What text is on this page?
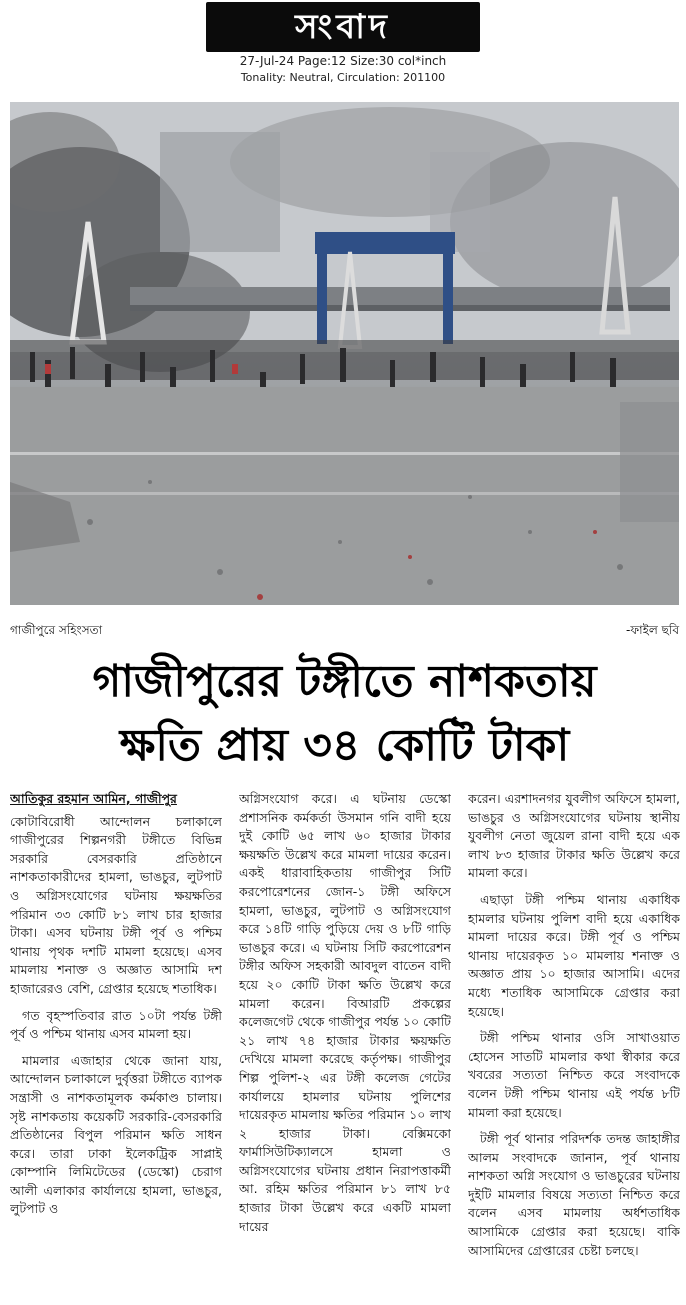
সংবাদ
27-Jul-24 Page:12 Size:30 col*inch
Tonality: Neutral, Circulation: 201100
গাজীপুরে সহিংসতা	-ফাইল ছবি
গাজীপুরের টঙ্গীতে নাশকতায়
ক্ষতি প্রায় ৩৪ কোটি টাকা
আতিকুর রহমান আমিন, গাজীপুর

কোটাবিরোধী আন্দোলন চলাকালে গাজীপুরের শিল্পনগরী টঙ্গীতে বিভিন্ন সরকারি বেসরকারি প্রতিষ্ঠানে নাশকতাকারীদের হামলা, ভাঙচুর, লুটপাট ও অগ্নিসংযোগের ঘটনায় ক্ষয়ক্ষতির পরিমান ৩৩ কোটি ৮১ লাখ চার হাজার টাকা। এসব ঘটনায় টঙ্গী পূর্ব ও পশ্চিম থানায় পৃথক দশটি মামলা হয়েছে। এসব মামলায় শনাক্ত ও অজ্ঞাত আসামি দশ হাজারেরও বেশি, গ্রেপ্তার হয়েছে শতাধিক।

গত বৃহস্পতিবার রাত ১০টা পর্যন্ত টঙ্গী পূর্ব ও পশ্চিম থানায় এসব মামলা হয়।

মামলার এজাহার থেকে জানা যায়, আন্দোলন চলাকালে দুর্বৃত্তরা টঙ্গীতে ব্যাপক সন্ত্রাসী ও নাশকতামূলক কর্মকাণ্ড চালায়। সৃষ্ট নাশকতায় কয়েকটি সরকারি-বেসরকারি প্রতিষ্ঠানের বিপুল পরিমান ক্ষতি সাধন করে। তারা ঢাকা ইলেকট্রিক সাপ্লাই কোম্পানি লিমিটেডের (ডেস্কো) চেরাগ আলী এলাকার কার্যালয়ে হামলা, ভাঙচুর, লুটপাট ও

অগ্নিসংযোগ করে। এ ঘটনায় ডেস্কো প্রশাসনিক কর্মকর্তা উসমান গনি বাদী হয়ে দুই কোটি ৬৫ লাখ ৬০ হাজার টাকার ক্ষয়ক্ষতি উল্লেখ করে মামলা দায়ের করেন। একই ধারাবাহিকতায় গাজীপুর সিটি করপোরেশনের জোন-১ টঙ্গী অফিসে হামলা, ভাঙচুর, লুটপাট ও অগ্নিসংযোগ করে ১৪টি গাড়ি পুড়িয়ে দেয় ও ৮টি গাড়ি ভাঙচুর করে। এ ঘটনায় সিটি করপোরেশন টঙ্গীর অফিস সহকারী আবদুল বাতেন বাদী হয়ে ২০ কোটি টাকা ক্ষতি উল্লেখ করে মামলা করেন। বিআরটি প্রকল্পের কলেজগেট থেকে গাজীপুর পর্যন্ত ১০ কোটি ২১ লাখ ৭৪ হাজার টাকার ক্ষয়ক্ষতি দেখিয়ে মামলা করেছে কর্তৃপক্ষ। গাজীপুর শিল্প পুলিশ-২ এর টঙ্গী কলেজ গেটের কার্যালয়ে হামলার ঘটনায় পুলিশের দায়েরকৃত মামলায় ক্ষতির পরিমান ১০ লাখ ২ হাজার টাকা। বেক্সিমকো ফার্মাসিউটিক্যালসে হামলা ও অগ্নিসংযোগের ঘটনায় প্রধান নিরাপত্তাকর্মী আ. রহিম ক্ষতির পরিমান ৮১ লাখ ৮৫ হাজার টাকা উল্লেখ করে একটি মামলা দায়ের

করেন। এরশাদনগর যুবলীগ অফিসে হামলা, ভাঙচুর ও অগ্নিসংযোগের ঘটনায় স্থানীয় যুবলীগ নেতা জুয়েল রানা বাদী হয়ে এক লাখ ৮৩ হাজার টাকার ক্ষতি উল্লেখ করে মামলা করে।

এছাড়া টঙ্গী পশ্চিম থানায় একাধিক হামলার ঘটনায় পুলিশ বাদী হয়ে একাধিক মামলা দায়ের করে। টঙ্গী পূর্ব ও পশ্চিম থানায় দায়েরকৃত ১০ মামলায় শনাক্ত ও অজ্ঞাত প্রায় ১০ হাজার আসামি। এদের মধ্যে শতাধিক আসামিকে গ্রেপ্তার করা হয়েছে।

টঙ্গী পশ্চিম থানার ওসি সাখাওয়াত হোসেন সাতটি মামলার কথা স্বীকার করে খবরের সত্যতা নিশ্চিত করে সংবাদকে বলেন টঙ্গী পশ্চিম থানায় এই পর্যন্ত ৮টি মামলা করা হয়েছে।

টঙ্গী পূর্ব থানার পরিদর্শক তদন্ত জাহাঙ্গীর আলম সংবাদকে জানান, পূর্ব থানায় নাশকতা অগ্নি সংযোগ ও ভাঙচুরের ঘটনায় দুইটি মামলার বিষয়ে সত্যতা নিশ্চিত করে বলেন এসব মামলায় অর্ধশতাধিক আসামিকে গ্রেপ্তার করা হয়েছে। বাকি আসামিদের গ্রেপ্তারের চেষ্টা চলছে।
